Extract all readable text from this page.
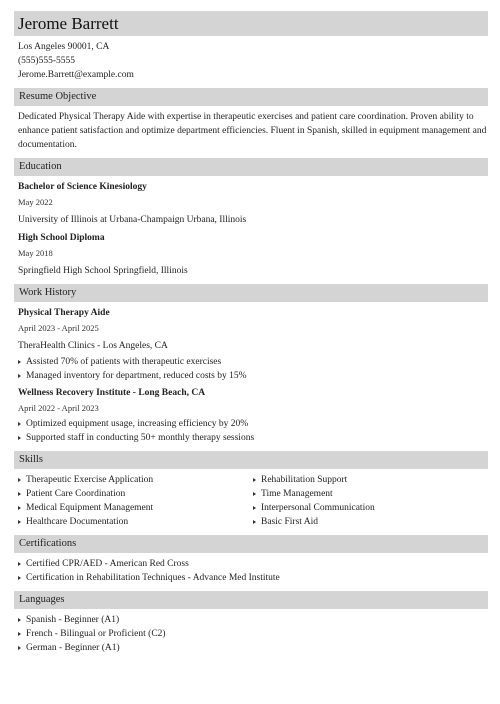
Jerome Barrett
Los Angeles 90001, CA
(555)555-5555
Jerome.Barrett@example.com
Resume Objective
Dedicated Physical Therapy Aide with expertise in therapeutic exercises and patient care coordination. Proven ability to enhance patient satisfaction and optimize department efficiencies. Fluent in Spanish, skilled in equipment management and documentation.
Education
Bachelor of Science Kinesiology
May 2022
University of Illinois at Urbana-Champaign Urbana, Illinois
High School Diploma
May 2018
Springfield High School Springfield, Illinois
Work History
Physical Therapy Aide
April 2023 - April 2025
TheraHealth Clinics - Los Angeles, CA
Assisted 70% of patients with therapeutic exercises
Managed inventory for department, reduced costs by 15%
Wellness Recovery Institute - Long Beach, CA
April 2022 - April 2023
Optimized equipment usage, increasing efficiency by 20%
Supported staff in conducting 50+ monthly therapy sessions
Skills
Therapeutic Exercise Application
Patient Care Coordination
Medical Equipment Management
Healthcare Documentation
Rehabilitation Support
Time Management
Interpersonal Communication
Basic First Aid
Certifications
Certified CPR/AED - American Red Cross
Certification in Rehabilitation Techniques - Advance Med Institute
Languages
Spanish - Beginner (A1)
French - Bilingual or Proficient (C2)
German - Beginner (A1)
